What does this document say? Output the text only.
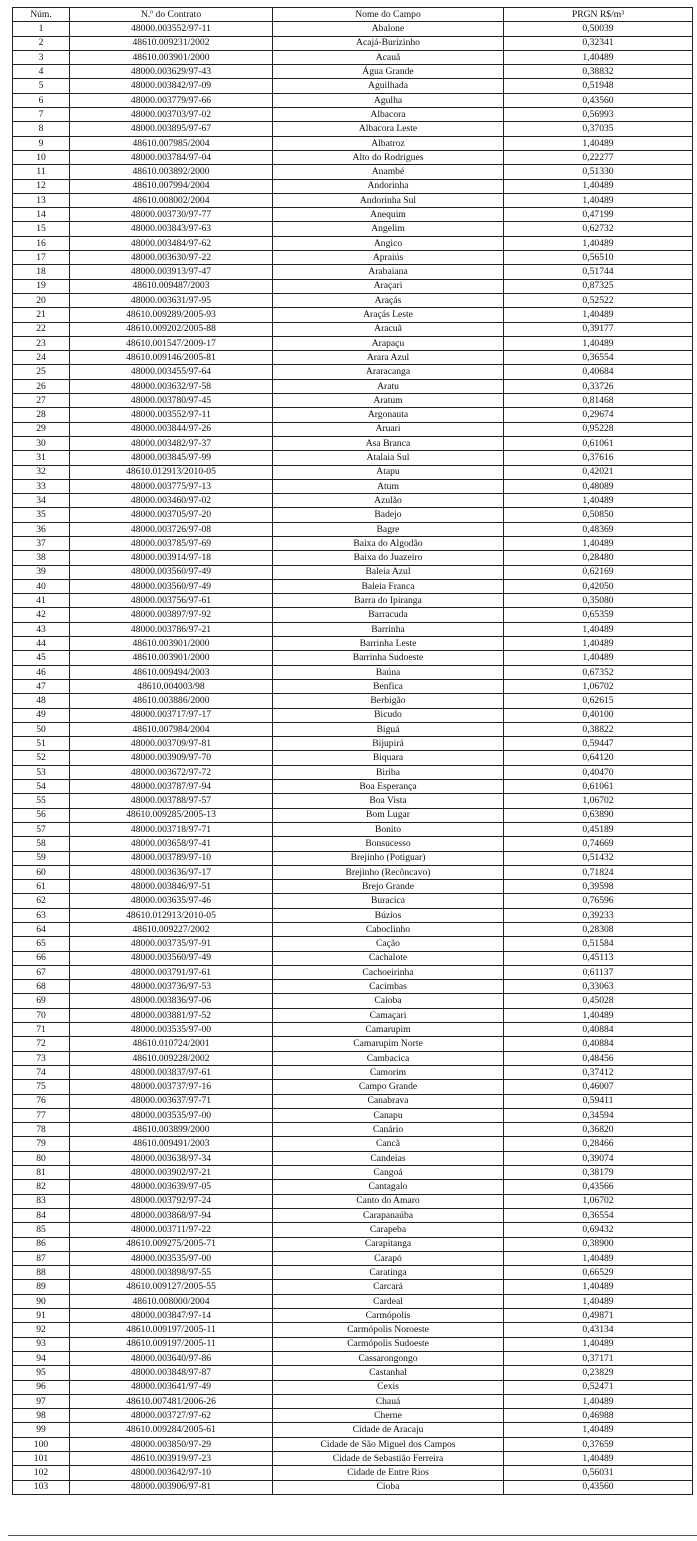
Núm.	N.º do Contrato	Nome do Campo	PRGN R$/m³
1	48000.003552/97-11	Abalone	0,50039
2	48610.009231/2002	Acajá-Burizinho	0,32341
3	48610.003901/2000	Acauã	1,40489
4	48000.003629/97-43	Água Grande	0,38832
5	48000.003842/97-09	Aguilhada	0,51948
6	48000.003779/97-66	Agulha	0,43560
7	48000.003703/97-02	Albacora	0,56993
8	48000.003895/97-67	Albacora Leste	0,37035
9	48610.007985/2004	Albatroz	1,40489
10	48000.003784/97-04	Alto do Rodrigues	0,22277
11	48610.003892/2000	Anambé	0,51330
12	48610.007994/2004	Andorinha	1,40489
13	48610.008002/2004	Andorinha Sul	1,40489
14	48000.003730/97-77	Anequim	0,47199
15	48000.003843/97-63	Angelim	0,62732
16	48000.003484/97-62	Angico	1,40489
17	48000.003630/97-22	Apraiús	0,56510
18	48000.003913/97-47	Arabaiana	0,51744
19	48610.009487/2003	Araçari	0,87325
20	48000.003631/97-95	Araçás	0,52522
21	48610.009289/2005-93	Araçás Leste	1,40489
22	48610.009202/2005-88	Aracuã	0,39177
23	48610.001547/2009-17	Arapaçu	1,40489
24	48610.009146/2005-81	Arara Azul	0,36554
25	48000.003455/97-64	Araracanga	0,40684
26	48000.003632/97-58	Aratu	0,33726
27	48000.003780/97-45	Aratum	0,81468
28	48000.003552/97-11	Argonauta	0,29674
29	48000.003844/97-26	Aruari	0,95228
30	48000.003482/97-37	Asa Branca	0,61061
31	48000.003845/97-99	Atalaia Sul	0,37616
32	48610.012913/2010-05	Atapu	0,42021
33	48000.003775/97-13	Atum	0,48089
34	48000.003460/97-02	Azulão	1,40489
35	48000.003705/97-20	Badejo	0,50850
36	48000.003726/97-08	Bagre	0,48369
37	48000.003785/97-69	Baixa do Algodão	1,40489
38	48000.003914/97-18	Baixa do Juazeiro	0,28480
39	48000.003560/97-49	Baleia Azul	0,62169
40	48000.003560/97-49	Baleia Franca	0,42050
41	48000.003756/97-61	Barra do Ipiranga	0,35080
42	48000.003897/97-92	Barracuda	0,65359
43	48000.003786/97-21	Barrinha	1,40489
44	48610.003901/2000	Barrinha Leste	1,40489
45	48610.003901/2000	Barrinha Sudoeste	1,40489
46	48610.009494/2003	Baúna	0,67352
47	48610.004003/98	Benfica	1,06702
48	48610.003886/2000	Berbigão	0,62615
49	48000.003717/97-17	Bicudo	0,40100
50	48610.007984/2004	Biguá	0,38822
51	48000.003709/97-81	Bijupirá	0,59447
52	48000.003909/97-70	Biquara	0,64120
53	48000.003672/97-72	Biriba	0,40470
54	48000.003787/97-94	Boa Esperança	0,61061
55	48000.003788/97-57	Boa Vista	1,06702
56	48610.009285/2005-13	Bom Lugar	0,63890
57	48000.003718/97-71	Bonito	0,45189
58	48000.003658/97-41	Bonsucesso	0,74669
59	48000.003789/97-10	Brejinho (Potiguar)	0,51432
60	48000.003636/97-17	Brejinho (Recôncavo)	0,71824
61	48000.003846/97-51	Brejo Grande	0,39598
62	48000.003635/97-46	Buracica	0,76596
63	48610.012913/2010-05	Búzios	0,39233
64	48610.009227/2002	Caboclinho	0,28308
65	48000.003735/97-91	Cação	0,51584
66	48000.003560/97-49	Cachalote	0,45113
67	48000.003791/97-61	Cachoeirinha	0,61137
68	48000.003736/97-53	Cacimbas	0,33063
69	48000.003836/97-06	Caioba	0,45028
70	48000.003881/97-52	Camaçari	1,40489
71	48000.003535/97-00	Camarupim	0,40884
72	48610.010724/2001	Camarupim Norte	0,40884
73	48610.009228/2002	Cambacica	0,48456
74	48000.003837/97-61	Camorim	0,37412
75	48000.003737/97-16	Campo Grande	0,46007
76	48000.003637/97-71	Canabrava	0,59411
77	48000.003535/97-00	Canapu	0,34594
78	48610.003899/2000	Canário	0,36820
79	48610.009491/2003	Cancã	0,28466
80	48000.003638/97-34	Candeias	0,39074
81	48000.003902/97-21	Cangoá	0,38179
82	48000.003639/97-05	Cantagalo	0,43566
83	48000.003792/97-24	Canto do Amaro	1,06702
84	48000.003868/97-94	Carapanaúba	0,36554
85	48000.003711/97-22	Carapeba	0,69432
86	48610.009275/2005-71	Carapitanga	0,38900
87	48000.003535/97-00	Carapó	1,40489
88	48000.003898/97-55	Caratinga	0,66529
89	48610.009127/2005-55	Carcará	1,40489
90	48610.008000/2004	Cardeal	1,40489
91	48000.003847/97-14	Carmópolis	0,49871
92	48610.009197/2005-11	Carmópolis Noroeste	0,43134
93	48610.009197/2005-11	Carmópolis Sudoeste	1,40489
94	48000.003640/97-86	Cassarongongo	0,37171
95	48000.003848/97-87	Castanhal	0,23829
96	48000.003641/97-49	Cexis	0,52471
97	48610.007481/2006-26	Chauá	1,40489
98	48000.003727/97-62	Cherne	0,46988
99	48610.009284/2005-61	Cidade de Aracaju	1,40489
100	48000.003850/97-29	Cidade de São Miguel dos Campos	0,37659
101	48610.003919/97-23	Cidade de Sebastião Ferreira	1,40489
102	48000.003642/97-10	Cidade de Entre Rios	0,56031
103	48000.003906/97-81	Cioba	0,43560
